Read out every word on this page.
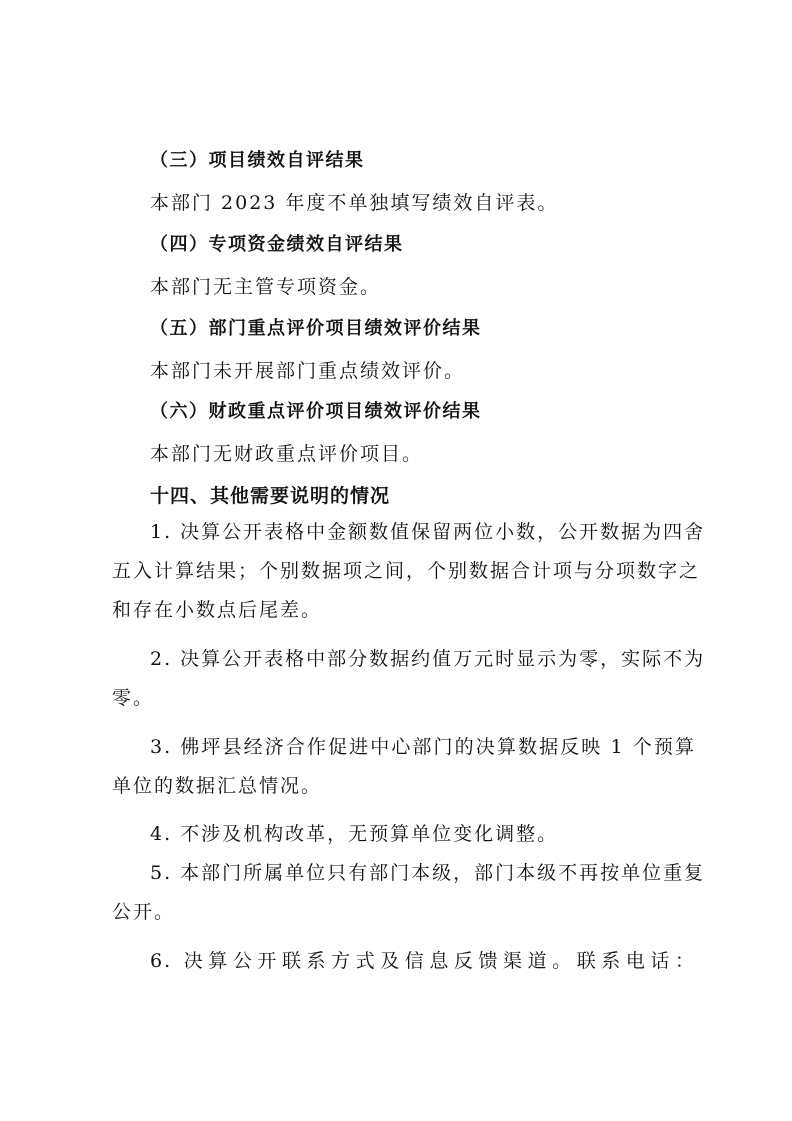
（三）项目绩效自评结果
本部门 2023 年度不单独填写绩效自评表。
（四）专项资金绩效自评结果
本部门无主管专项资金。
（五）部门重点评价项目绩效评价结果
本部门未开展部门重点绩效评价。
（六）财政重点评价项目绩效评价结果
本部门无财政重点评价项目。
十四、其他需要说明的情况
1. 决算公开表格中金额数值保留两位小数，公开数据为四舍
五入计算结果；个别数据项之间，个别数据合计项与分项数字之
和存在小数点后尾差。
2. 决算公开表格中部分数据约值万元时显示为零，实际不为
零。
3. 佛坪县经济合作促进中心部门的决算数据反映 1 个预算
单位的数据汇总情况。
4. 不涉及机构改革，无预算单位变化调整。
5. 本部门所属单位只有部门本级，部门本级不再按单位重复
公开。
6. 决算公开联系方式及信息反馈渠道。联系电话：
